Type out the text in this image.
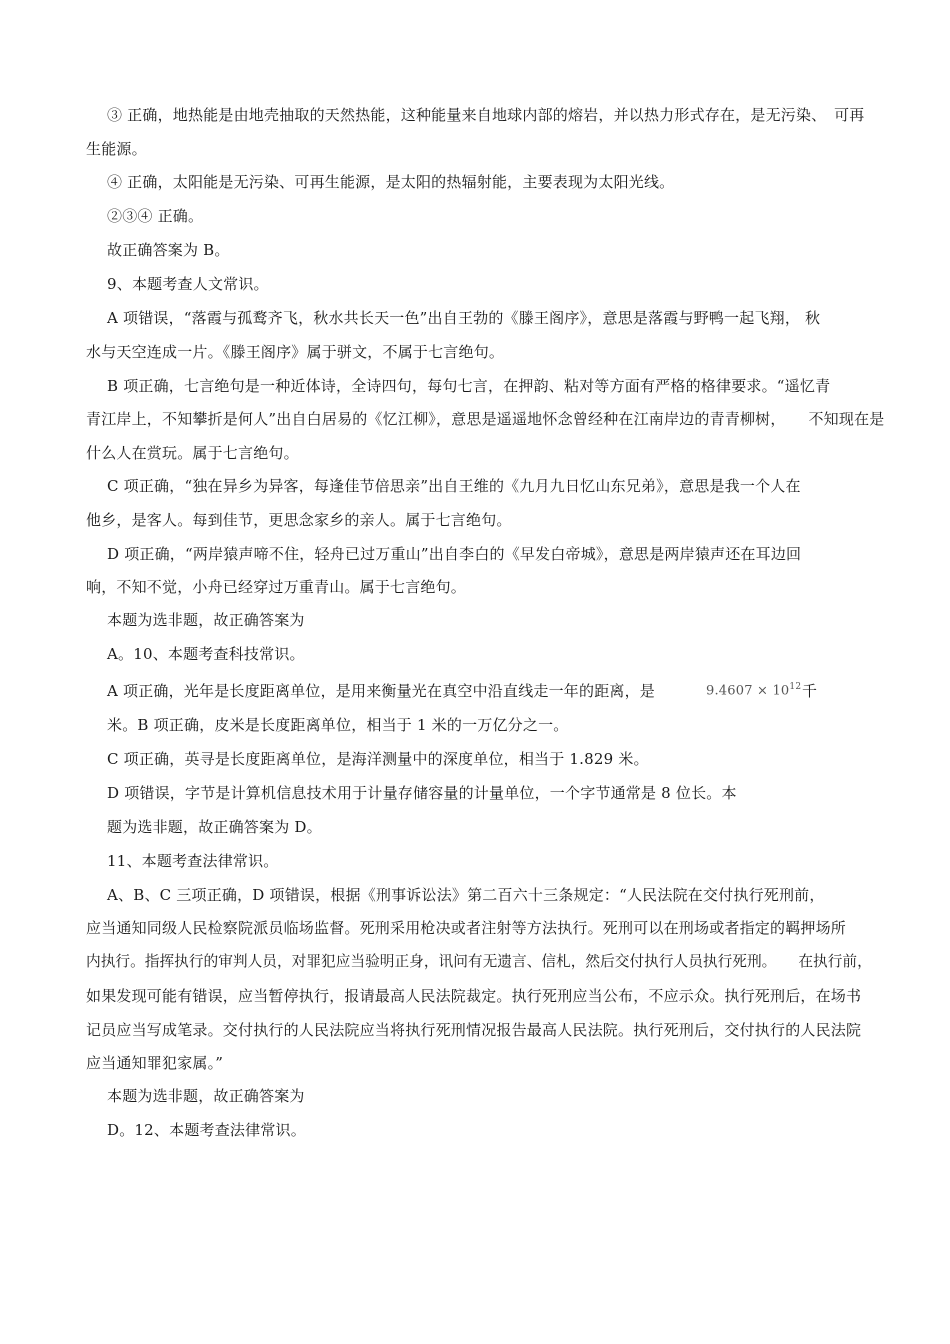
③ 正确，地热能是由地壳抽取的天然热能，这种能量来自地球内部的熔岩，并以热力形式存在，是无污染、　可再
生能源。
④ 正确，太阳能是无污染、可再生能源，是太阳的热辐射能，主要表现为太阳光线。
②③④ 正确。
故正确答案为 B。
9、本题考查人文常识。
A 项错误，“落霞与孤鹜齐飞，秋水共长天一色”出自王勃的《滕王阁序》，意思是落霞与野鸭一起飞翔， 秋
水与天空连成一片。《滕王阁序》属于骈文，不属于七言绝句。
B 项正确，七言绝句是一种近体诗，全诗四句，每句七言，在押韵、粘对等方面有严格的格律要求。“遥忆青
青江岸上，不知攀折是何人”出自白居易的《忆江柳》，意思是遥遥地怀念曾经种在江南岸边的青青柳树，　　不知现在是
什么人在赏玩。属于七言绝句。
C 项正确，“独在异乡为异客，每逢佳节倍思亲”出自王维的《九月九日忆山东兄弟》，意思是我一个人在
他乡，是客人。每到佳节，更思念家乡的亲人。属于七言绝句。
D 项正确，“两岸猿声啼不住，轻舟已过万重山”出自李白的《早发白帝城》，意思是两岸猿声还在耳边回
响，不知不觉，小舟已经穿过万重青山。属于七言绝句。
本题为选非题，故正确答案为
A。10、本题考查科技常识。
A 项正确，光年是长度距离单位，是用来衡量光在真空中沿直线走一年的距离，是	$9.4607 \times 10^{12}$ 千
米。B 项正确，皮米是长度距离单位，相当于 1 米的一万亿分之一。
C 项正确，英寻是长度距离单位，是海洋测量中的深度单位，相当于 1.829 米。
D 项错误，字节是计算机信息技术用于计量存储容量的计量单位，一个字节通常是 8 位长。本
题为选非题，故正确答案为 D。
11、本题考查法律常识。
A、B、C 三项正确，D 项错误，根据《刑事诉讼法》第二百六十三条规定：“人民法院在交付执行死刑前，
应当通知同级人民检察院派员临场监督。死刑采用枪决或者注射等方法执行。死刑可以在刑场或者指定的羁押场所
内执行。指挥执行的审判人员，对罪犯应当验明正身，讯问有无遗言、信札，然后交付执行人员执行死刑。　　在执行前，
如果发现可能有错误，应当暂停执行，报请最高人民法院裁定。执行死刑应当公布，不应示众。执行死刑后，在场书
记员应当写成笔录。交付执行的人民法院应当将执行死刑情况报告最高人民法院。执行死刑后，交付执行的人民法院
应当通知罪犯家属。”
本题为选非题，故正确答案为
D。12、本题考查法律常识。
